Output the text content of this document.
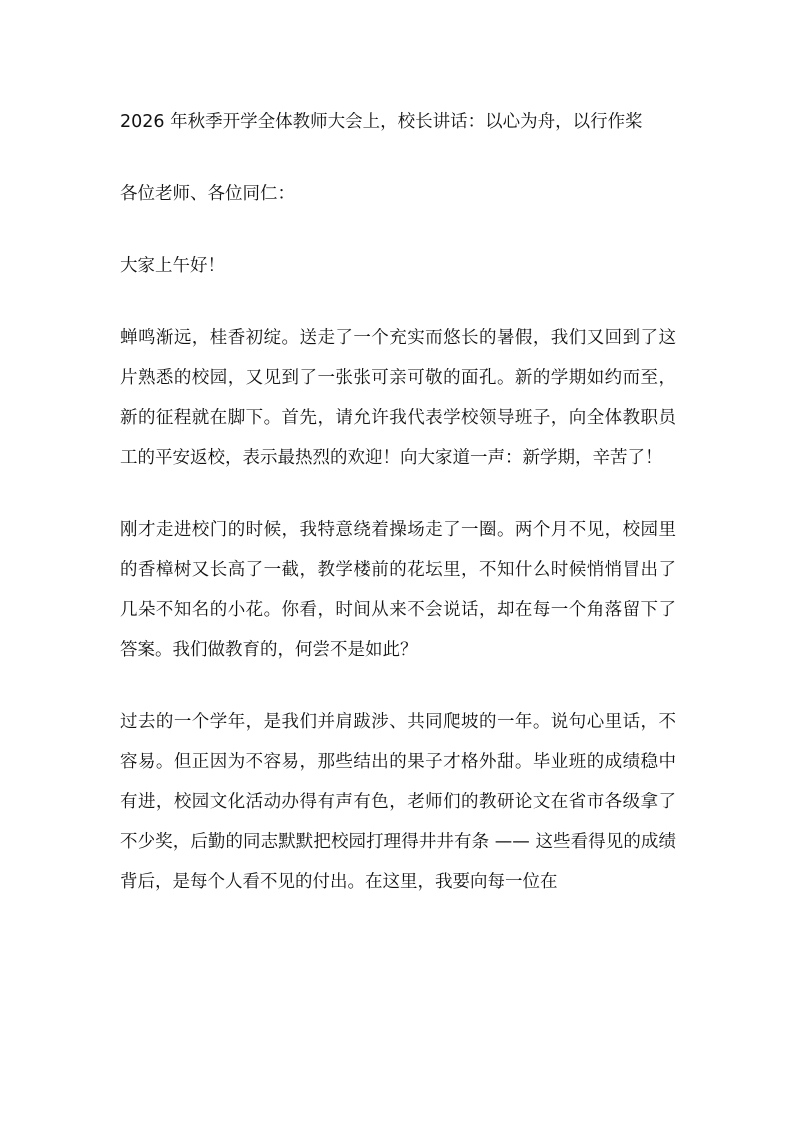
2026 年秋季开学全体教师大会上，校长讲话：以心为舟，以行作桨

各位老师、各位同仁：

大家上午好！

蝉鸣渐远，桂香初绽。送走了一个充实而悠长的暑假，我们又回到了这片熟悉的校园，又见到了一张张可亲可敬的面孔。新的学期如约而至，新的征程就在脚下。首先，请允许我代表学校领导班子，向全体教职员工的平安返校，表示最热烈的欢迎！向大家道一声：新学期，辛苦了！

刚才走进校门的时候，我特意绕着操场走了一圈。两个月不见，校园里的香樟树又长高了一截，教学楼前的花坛里，不知什么时候悄悄冒出了几朵不知名的小花。你看，时间从来不会说话，却在每一个角落留下了答案。我们做教育的，何尝不是如此？

过去的一个学年，是我们并肩跋涉、共同爬坡的一年。说句心里话，不容易。但正因为不容易，那些结出的果子才格外甜。毕业班的成绩稳中有进，校园文化活动办得有声有色，老师们的教研论文在省市各级拿了不少奖，后勤的同志默默把校园打理得井井有条 —— 这些看得见的成绩背后，是每个人看不见的付出。在这里，我要向每一位在
